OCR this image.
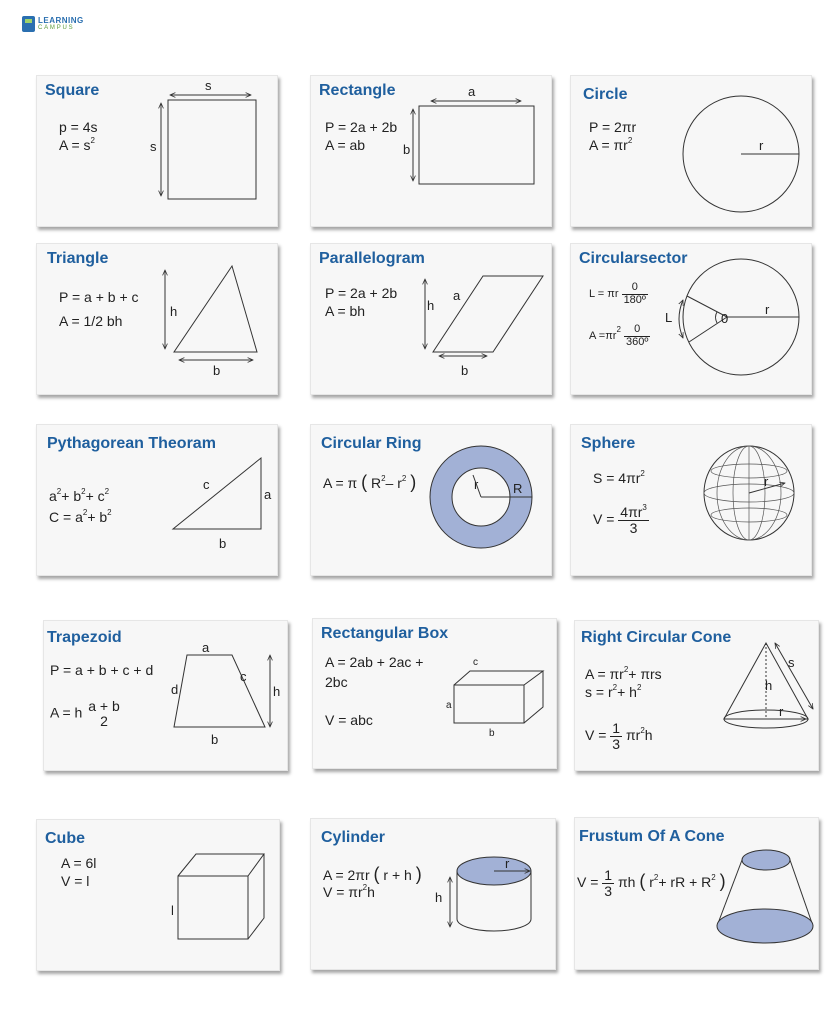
LEARNING
CAMPUS
Square
p = 4s
$A = s^2$
s
s
Rectangle
P = 2a + 2b
A = ab
a
b
Circle
P = 2πr
$A = \pi r^2$	r
Triangle
P = a + b + c
A = 1/2 bh
h
b
Parallelogram
P = 2a + 2b
A = bh	h
a
b
Circularsector
L = πr $\frac{0}{\text{180º}}$
$A =\pi r^2 \frac{0}{\text{360º}}$
L	0
r
Pythagorean Theoram
$a^2+ b^2+ c^2$
$C = a^2+ b^2$
c
a
b
Circular Ring
A = π ( $R^2-$ $r^2$ )	r	R
Sphere
$S = 4\pi r^2$
$V = \frac{4\pi r^3}{3}$
r
Trapezoid
P = a + b + c + d
A = h a + b
2
a
c
d	h
b
Rectangular Box
A = 2ab + 2ac +
2bc
V = abc
c
a
b
Right Circular Cone
$A = \pi r^2+ \pi rs$
$s = r^2+ h^2$
$V = \frac{1}{3} \pi r^2h$
s
h
r
Cube
A = 6l
V = l
l
Cylinder
A = 2πr ( r + h )
$V = \pi r^2h$
r
h
Frustum Of A Cone
$V = \frac{1}{3}$ πh ( $r^2+$ rR + $R^2$ )
